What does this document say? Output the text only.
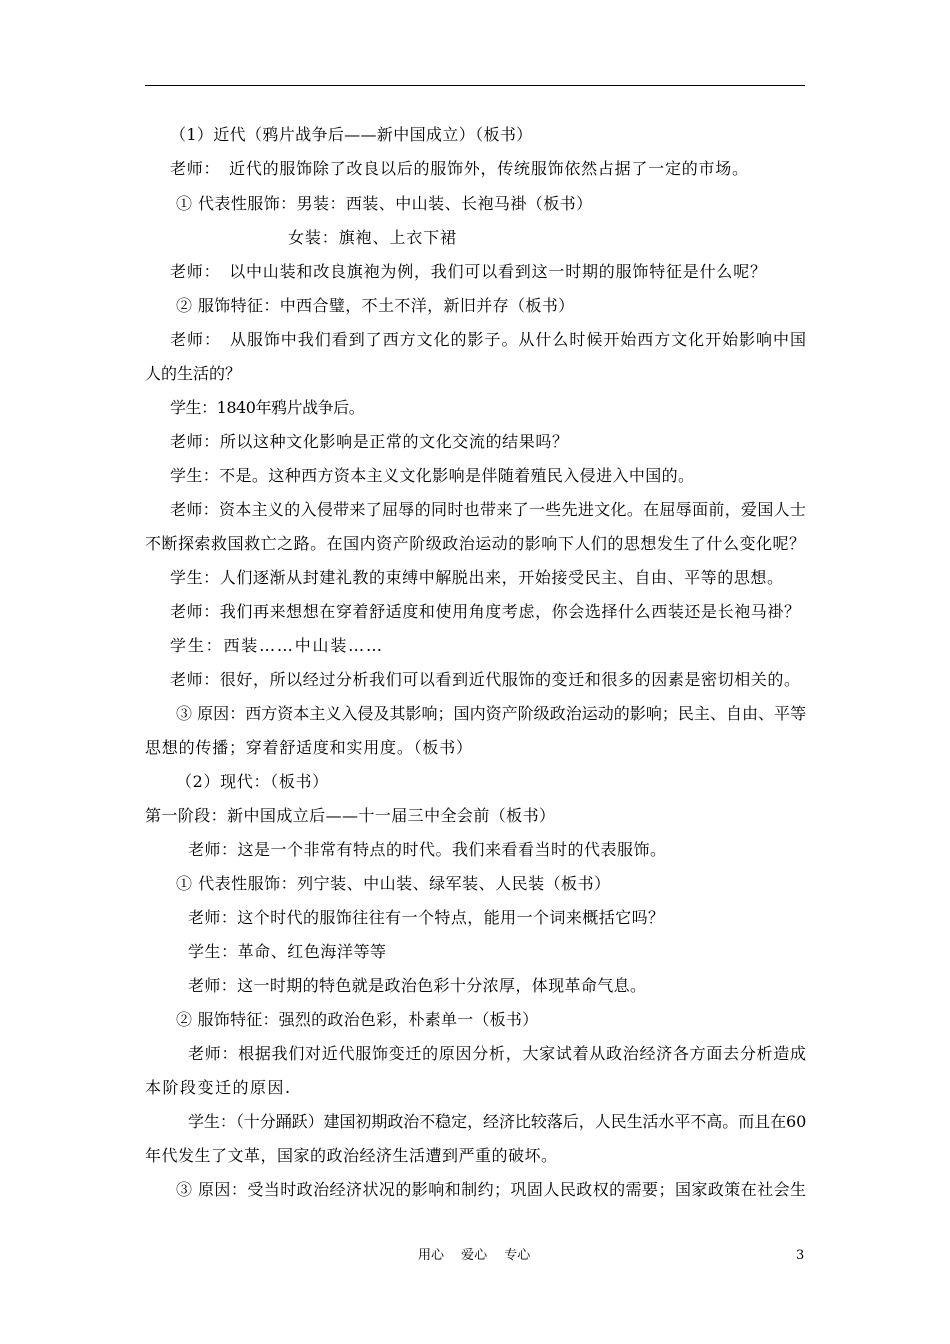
（1）近代（鸦片战争后——新中国成立）（板书）
老师：　近代的服饰除了改良以后的服饰外，传统服饰依然占据了一定的市场。
① 代表性服饰：男装：西装、中山装、长袍马褂（板书）
女装：旗袍、上衣下裙
老师：　以中山装和改良旗袍为例，我们可以看到这一时期的服饰特征是什么呢？
② 服饰特征：中西合璧，不土不洋，新旧并存（板书）
老师：　从服饰中我们看到了西方文化的影子。从什么时候开始西方文化开始影响中国
人的生活的？
学生：1840年鸦片战争后。
老师：所以这种文化影响是正常的文化交流的结果吗？
学生：不是。这种西方资本主义文化影响是伴随着殖民入侵进入中国的。
老师：资本主义的入侵带来了屈辱的同时也带来了一些先进文化。在屈辱面前，爱国人士
不断探索救国救亡之路。在国内资产阶级政治运动的影响下人们的思想发生了什么变化呢？
学生：人们逐渐从封建礼教的束缚中解脱出来，开始接受民主、自由、平等的思想。
老师：我们再来想想在穿着舒适度和使用角度考虑，你会选择什么西装还是长袍马褂？
学生：西装……中山装……
老师：很好，所以经过分析我们可以看到近代服饰的变迁和很多的因素是密切相关的。
③ 原因：西方资本主义入侵及其影响；国内资产阶级政治运动的影响；民主、自由、平等
思想的传播；穿着舒适度和实用度。（板书）
（2）现代：（板书）
第一阶段：新中国成立后——十一届三中全会前（板书）
老师：这是一个非常有特点的时代。我们来看看当时的代表服饰。
① 代表性服饰：列宁装、中山装、绿军装、人民装（板书）
老师：这个时代的服饰往往有一个特点，能用一个词来概括它吗？
学生：革命、红色海洋等等
老师：这一时期的特色就是政治色彩十分浓厚，体现革命气息。
② 服饰特征：强烈的政治色彩，朴素单一（板书）
老师：根据我们对近代服饰变迁的原因分析，大家试着从政治经济各方面去分析造成
本阶段变迁的原因.
学生：（十分踊跃）建国初期政治不稳定，经济比较落后，人民生活水平不高。而且在60
年代发生了文革，国家的政治经济生活遭到严重的破坏。
③ 原因：受当时政治经济状况的影响和制约；巩固人民政权的需要；国家政策在社会生
用心　 爱心　 专心	3
